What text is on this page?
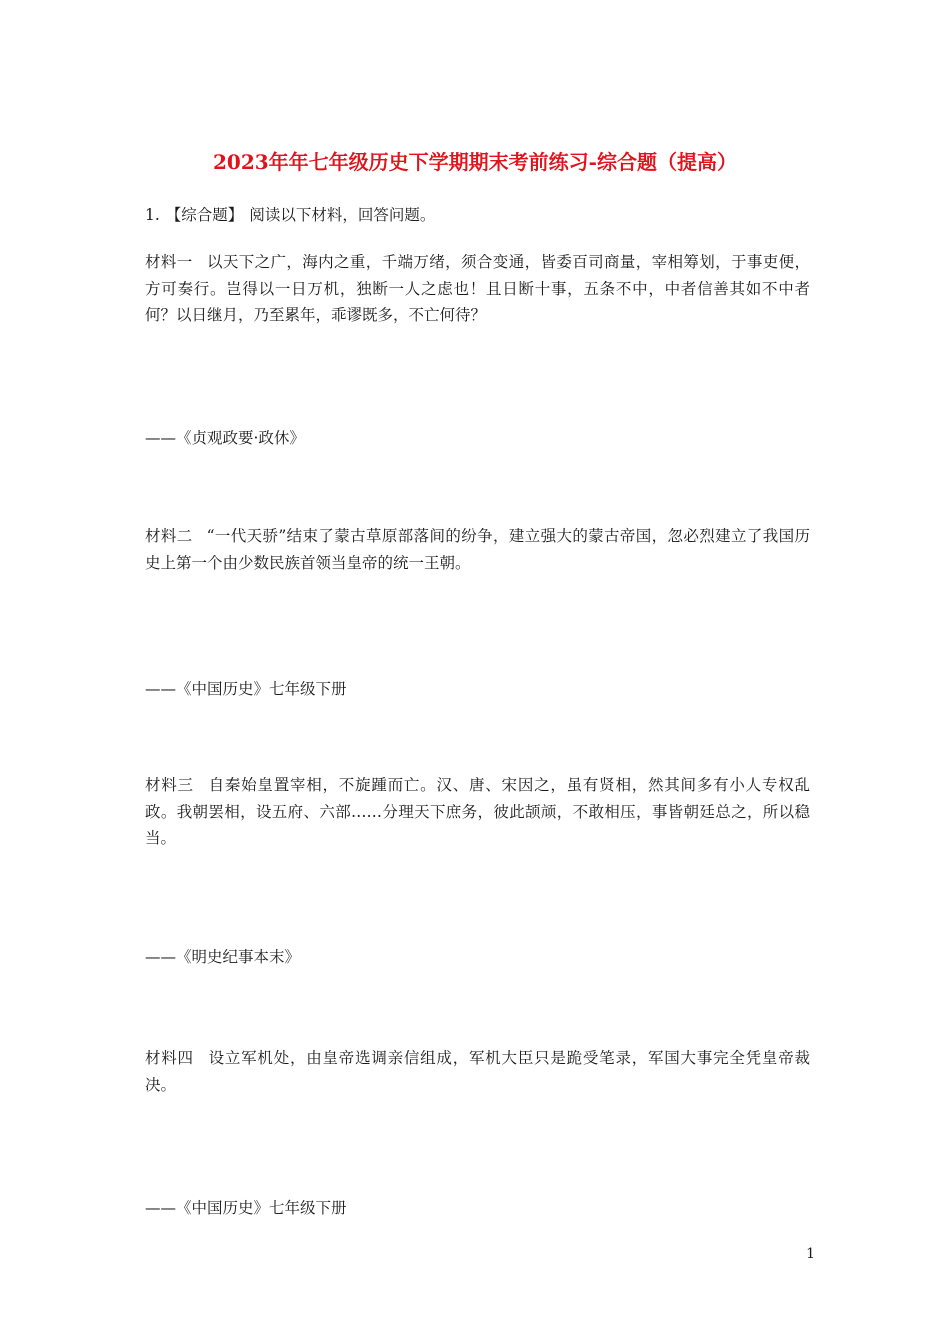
2023年年七年级历史下学期期末考前练习-综合题（提高）

1. 【综合题】 阅读以下材料，回答问题。

材料一 以天下之广，海内之重，千端万绪，须合变通，皆委百司商量，宰相筹划，于事吏便，方可奏行。岂得以一日万机，独断一人之虑也！且日断十事，五条不中，中者信善其如不中者何？以日继月，乃至累年，乖谬既多，不亡何待？

——《贞观政要·政休》

材料二 “一代天骄”结束了蒙古草原部落间的纷争，建立强大的蒙古帝国，忽必烈建立了我国历史上第一个由少数民族首领当皇帝的统一王朝。

——《中国历史》七年级下册

材料三 自秦始皇置宰相，不旋踵而亡。汉、唐、宋因之，虽有贤相，然其间多有小人专权乱政。我朝罢相，设五府、六部……分理天下庶务，彼此颉颃，不敢相压，事皆朝廷总之，所以稳当。

——《明史纪事本末》

材料四 设立军机处，由皇帝选调亲信组成，军机大臣只是跪受笔录，军国大事完全凭皇帝裁决。

——《中国历史》七年级下册

1
